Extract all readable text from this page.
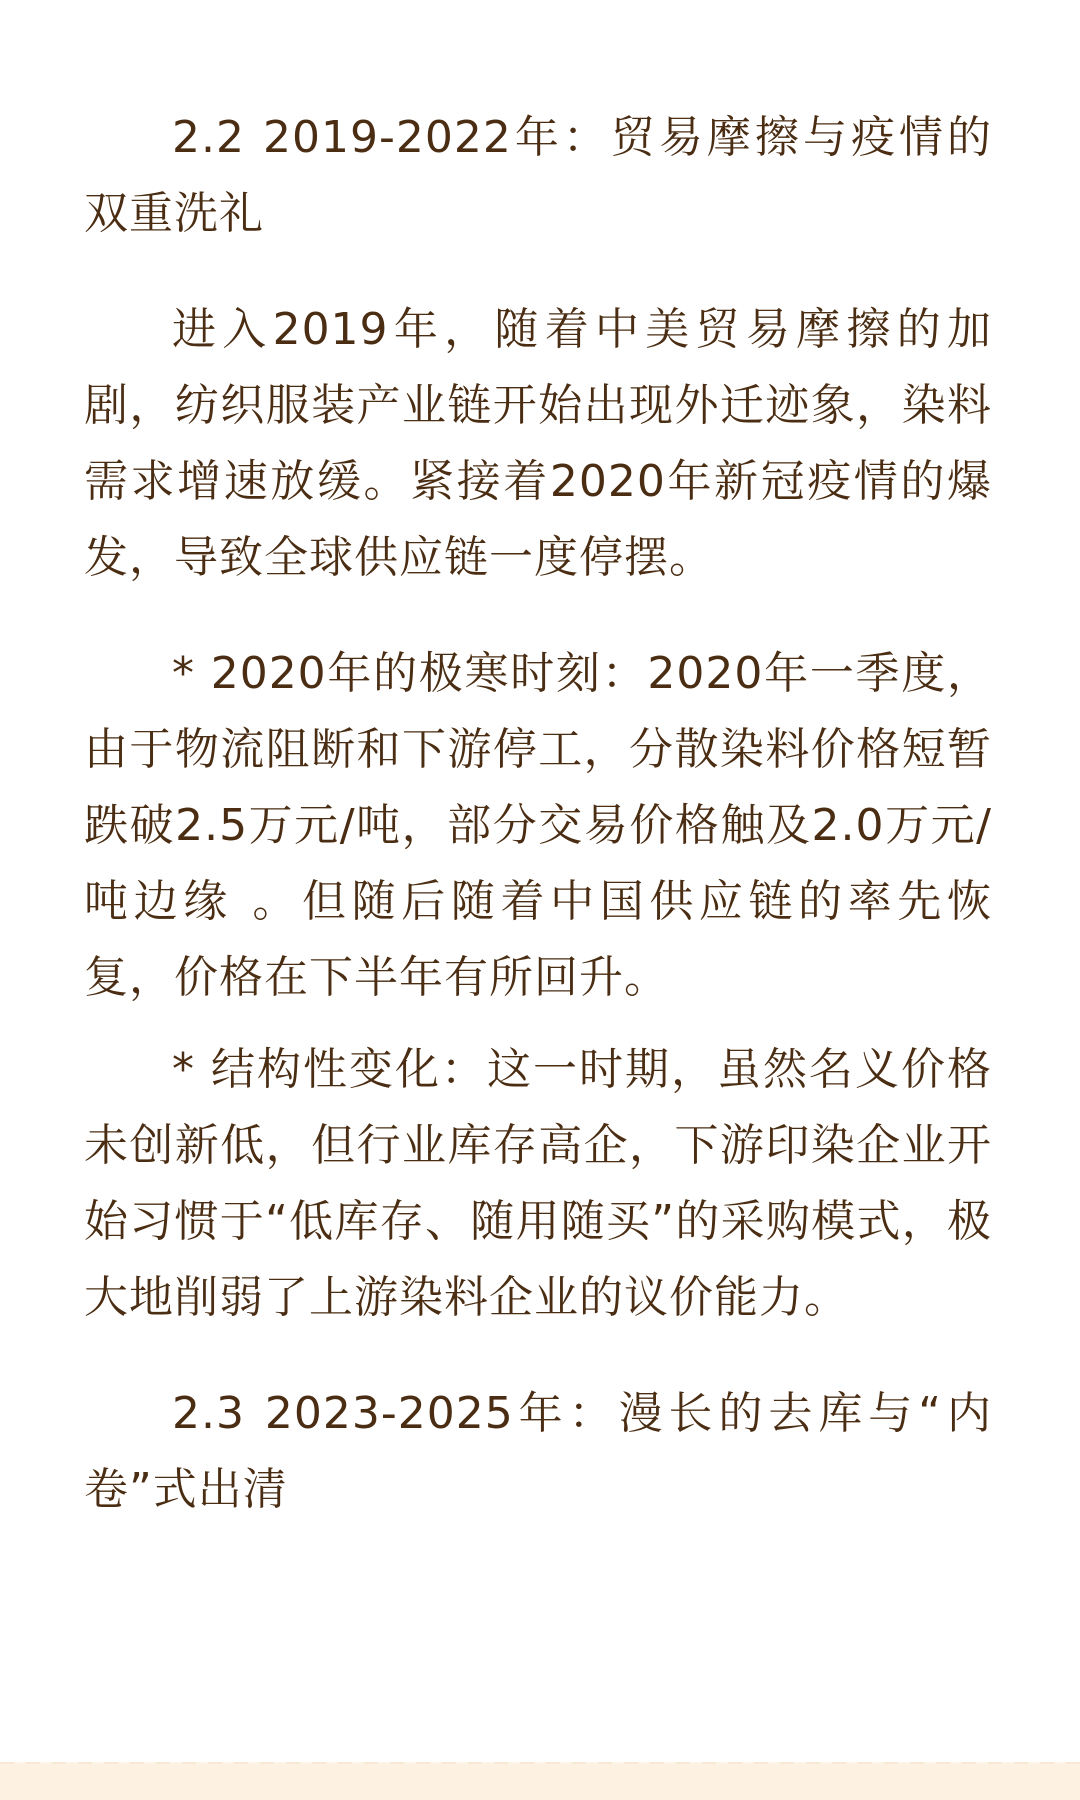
2.2 2019-2022年：贸易摩擦与疫情的双重洗礼

进入2019年，随着中美贸易摩擦的加剧，纺织服装产业链开始出现外迁迹象，染料需求增速放缓。紧接着2020年新冠疫情的爆发，导致全球供应链一度停摆。

* 2020年的极寒时刻：2020年一季度，由于物流阻断和下游停工，分散染料价格短暂跌破2.5万元/吨，部分交易价格触及2.0万元/吨边缘 。但随后随着中国供应链的率先恢复，价格在下半年有所回升。

* 结构性变化：这一时期，虽然名义价格未创新低，但行业库存高企，下游印染企业开始习惯于“低库存、随用随买”的采购模式，极大地削弱了上游染料企业的议价能力。

2.3 2023-2025年：漫长的去库与“内卷”式出清
